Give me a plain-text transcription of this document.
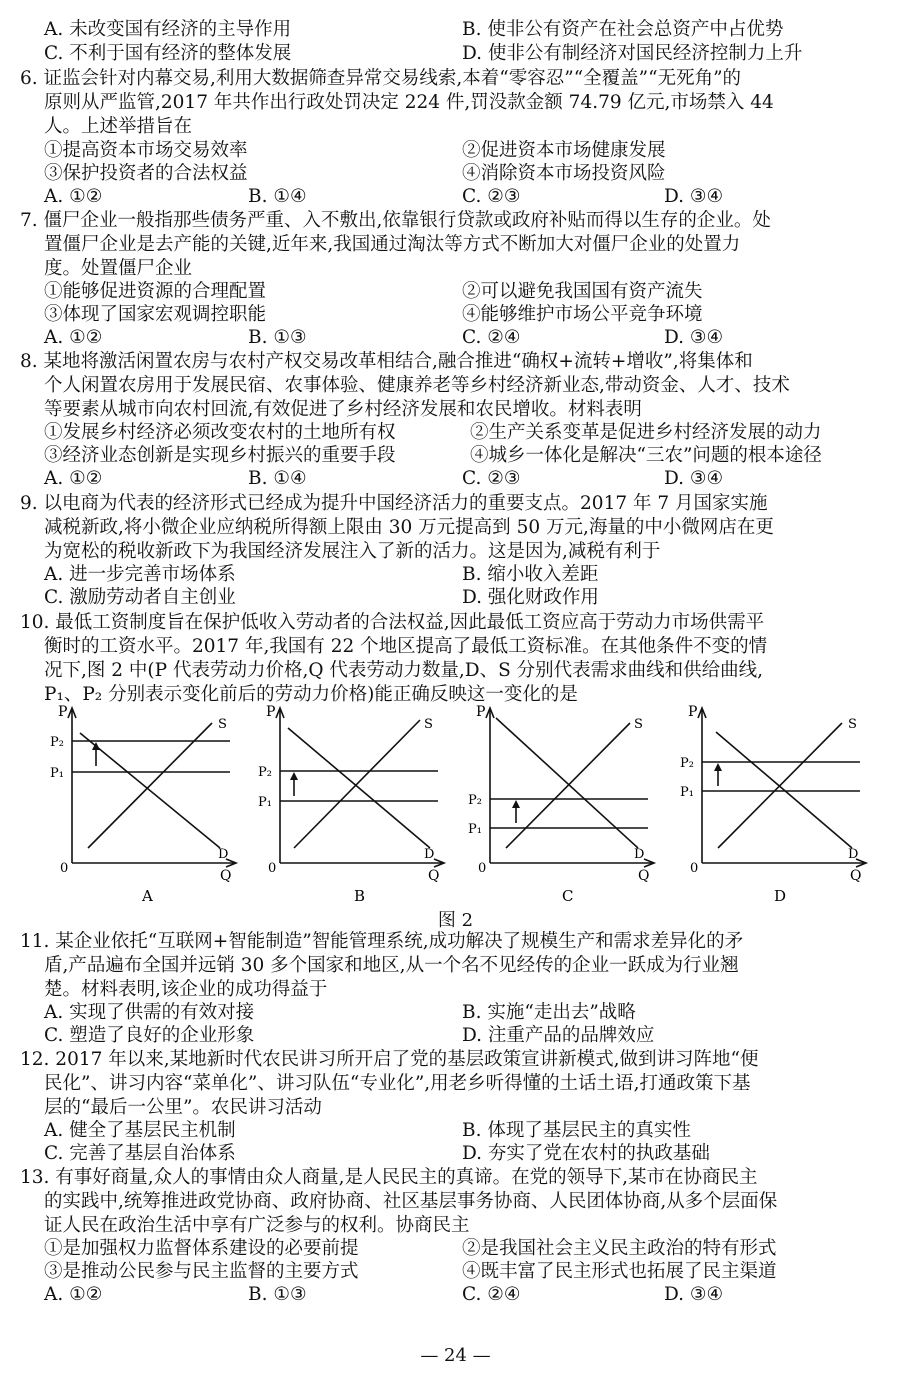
A. 未改变国有经济的主导作用	B. 使非公有资产在社会总资产中占优势
C. 不利于国有经济的整体发展	D. 使非公有制经济对国民经济控制力上升
6. 证监会针对内幕交易,利用大数据筛查异常交易线索,本着“零容忍”“全覆盖”“无死角”的
原则从严监管,2017 年共作出行政处罚决定 224 件,罚没款金额 74.79 亿元,市场禁入 44
人。上述举措旨在
①提高资本市场交易效率	②促进资本市场健康发展
③保护投资者的合法权益	④消除资本市场投资风险
A. ①②	B. ①④	C. ②③	D. ③④
7. 僵尸企业一般指那些债务严重、入不敷出,依靠银行贷款或政府补贴而得以生存的企业。处
置僵尸企业是去产能的关键,近年来,我国通过淘汰等方式不断加大对僵尸企业的处置力
度。处置僵尸企业
①能够促进资源的合理配置	②可以避免我国国有资产流失
③体现了国家宏观调控职能	④能够维护市场公平竞争环境
A. ①②	B. ①③	C. ②④	D. ③④
8. 某地将激活闲置农房与农村产权交易改革相结合,融合推进“确权+流转+增收”,将集体和
个人闲置农房用于发展民宿、农事体验、健康养老等乡村经济新业态,带动资金、人才、技术
等要素从城市向农村回流,有效促进了乡村经济发展和农民增收。材料表明
①发展乡村经济必须改变农村的土地所有权	②生产关系变革是促进乡村经济发展的动力
③经济业态创新是实现乡村振兴的重要手段	④城乡一体化是解决“三农”问题的根本途径
A. ①②	B. ①④	C. ②③	D. ③④
9. 以电商为代表的经济形式已经成为提升中国经济活力的重要支点。2017 年 7 月国家实施
减税新政,将小微企业应纳税所得额上限由 30 万元提高到 50 万元,海量的中小微网店在更
为宽松的税收新政下为我国经济发展注入了新的活力。这是因为,减税有利于
A. 进一步完善市场体系	B. 缩小收入差距
C. 激励劳动者自主创业	D. 强化财政作用
10. 最低工资制度旨在保护低收入劳动者的合法权益,因此最低工资应高于劳动力市场供需平
衡时的工资水平。2017 年,我国有 22 个地区提高了最低工资标准。在其他条件不变的情
况下,图 2 中(P 代表劳动力价格,Q 代表劳动力数量,D、S 分别代表需求曲线和供给曲线,
P₁、P₂ 分别表示变化前后的劳动力价格)能正确反映这一变化的是
P
0	Q
S
D
P₂
P₁
A
P
0	Q
S
D
P₂
P₁
B
P
0	Q
S
D
P₂
P₁
C
P
0	Q
S
D
P₂
P₁
D
图 2
11. 某企业依托“互联网+智能制造”智能管理系统,成功解决了规模生产和需求差异化的矛
盾,产品遍布全国并远销 30 多个国家和地区,从一个名不见经传的企业一跃成为行业翘
楚。材料表明,该企业的成功得益于
A. 实现了供需的有效对接	B. 实施“走出去”战略
C. 塑造了良好的企业形象	D. 注重产品的品牌效应
12. 2017 年以来,某地新时代农民讲习所开启了党的基层政策宣讲新模式,做到讲习阵地“便
民化”、讲习内容“菜单化”、讲习队伍“专业化”,用老乡听得懂的土话土语,打通政策下基
层的“最后一公里”。农民讲习活动
A. 健全了基层民主机制	B. 体现了基层民主的真实性
C. 完善了基层自治体系	D. 夯实了党在农村的执政基础
13. 有事好商量,众人的事情由众人商量,是人民民主的真谛。在党的领导下,某市在协商民主
的实践中,统筹推进政党协商、政府协商、社区基层事务协商、人民团体协商,从多个层面保
证人民在政治生活中享有广泛参与的权利。协商民主
①是加强权力监督体系建设的必要前提	②是我国社会主义民主政治的特有形式
③是推动公民参与民主监督的主要方式	④既丰富了民主形式也拓展了民主渠道
A. ①②	B. ①③	C. ②④	D. ③④
— 24 —
